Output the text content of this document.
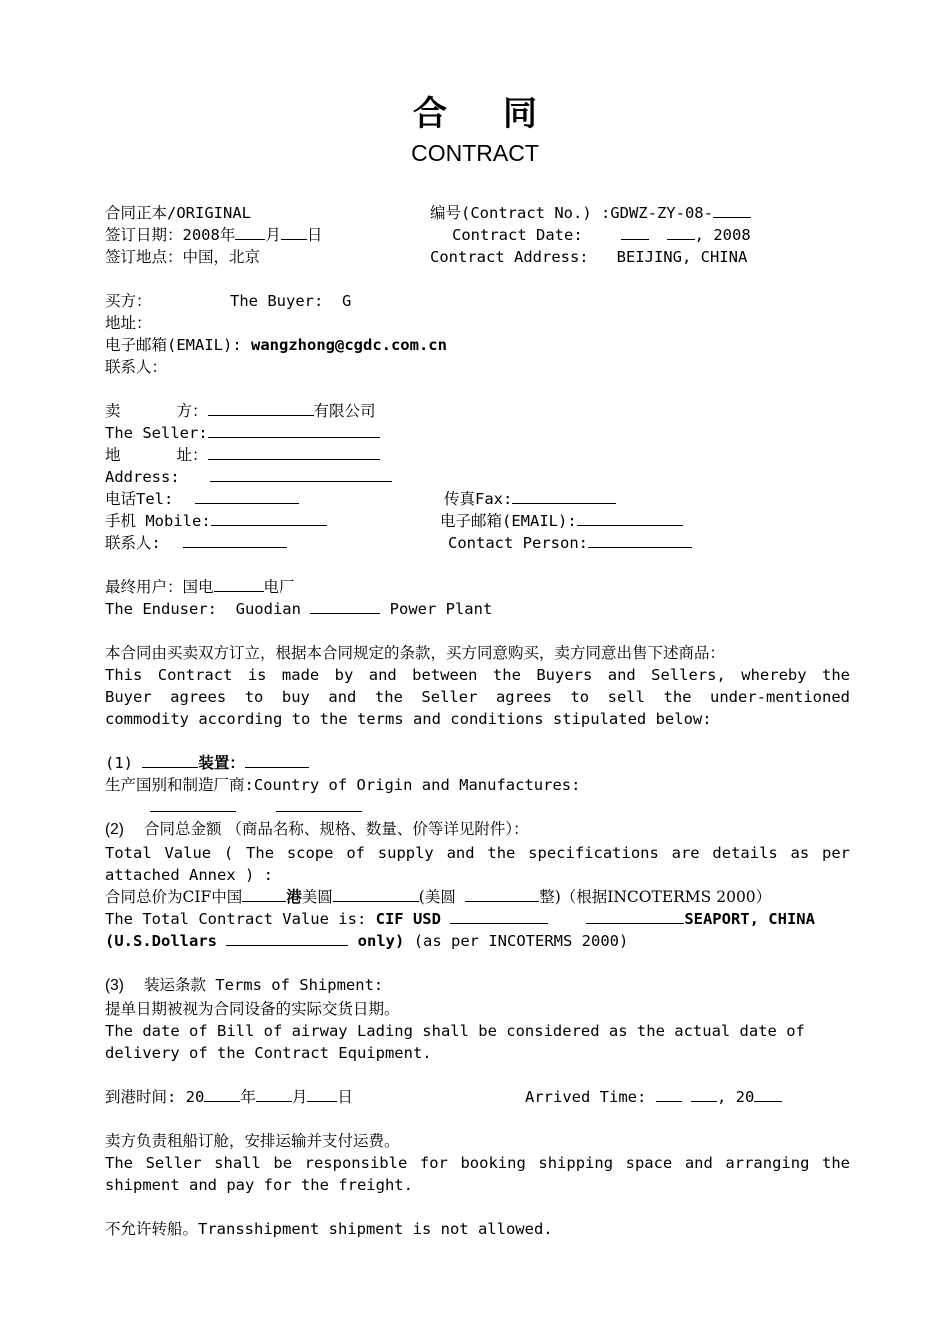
合同
CONTRACT
合同正本/ORIGINAL	编号(Contract No.) :GDWZ-ZY-08-
签订日期：2008年 月 日	Contract Date:	, 2008
签订地点：中国，北京	Contract Address:   BEIJING, CHINA
买方：	The Buyer:  G
地址：
电子邮箱(EMAIL): wangzhong@cgdc.com.cn
联系人：
卖      方：	有限公司
The Seller:
地      址：
Address:
电话Tel:	传真Fax:
手机 Mobile:	电子邮箱(EMAIL):
联系人:	Contact Person:
最终用户：国电	电厂
The Enduser:  Guodian	Power Plant
本合同由买卖双方订立，根据本合同规定的条款，买方同意购买，卖方同意出售下述商品：
This Contract is made by and between the Buyers and Sellers, whereby the
Buyer agrees to buy and the Seller agrees to sell the under-mentioned
commodity according to the terms and conditions stipulated below:
(1)	装置：
生产国别和制造厂商:Country of Origin and Manufactures:
(2) 合同总金额 （商品名称、规格、数量、价等详见附件）：
Total Value ( The scope of supply and the specifications are details as per
attached Annex ) :
合同总价为CIF中国	港美圆	(美圆	整)（根据INCOTERMS 2000）
The Total Contract Value is: CIF USD	SEAPORT, CHINA
(U.S.Dollars	only) (as per INCOTERMS 2000)
(3) 装运条款 Terms of Shipment:
提单日期被视为合同设备的实际交货日期。
The date of Bill of airway Lading shall be considered as the actual date of
delivery of the Contract Equipment.
到港时间: 20 年 月 日	Arrived Time:	, 20
卖方负责租船订舱，安排运输并支付运费。
The Seller shall be responsible for booking shipping space and arranging the
shipment and pay for the freight.
不允许转船。Transshipment shipment is not allowed.
